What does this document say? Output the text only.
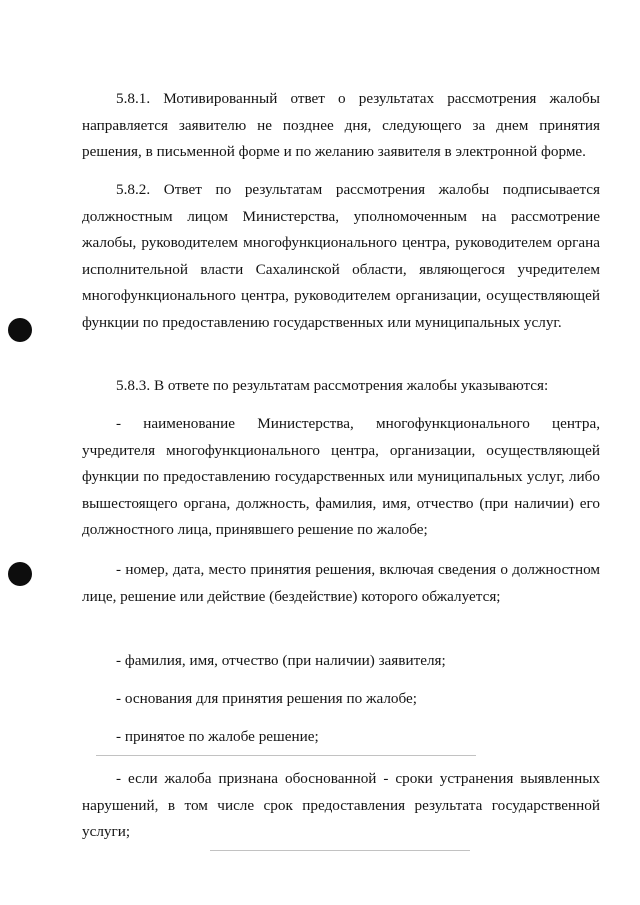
5.8.1. Мотивированный ответ о результатах рассмотрения жалобы направляется заявителю не позднее дня, следующего за днем принятия решения, в письменной форме и по желанию заявителя в электронной форме.

5.8.2. Ответ по результатам рассмотрения жалобы подписывается должностным лицом Министерства, уполномоченным на рассмотрение жалобы, руководителем многофункционального центра, руководителем органа исполнительной власти Сахалинской области, являющегося учредителем многофункционального центра, руководителем организации, осуществляющей функции по предоставлению государственных или муниципальных услуг.

5.8.3. В ответе по результатам рассмотрения жалобы указываются:

- наименование Министерства, многофункционального центра, учредителя многофункционального центра, организации, осуществляющей функции по предоставлению государственных или муниципальных услуг, либо вышестоящего органа, должность, фамилия, имя, отчество (при наличии) его должностного лица, принявшего решение по жалобе;

- номер, дата, место принятия решения, включая сведения о должностном лице, решение или действие (бездействие) которого обжалуется;

- фамилия, имя, отчество (при наличии) заявителя;

- основания для принятия решения по жалобе;

- принятое по жалобе решение;

- если жалоба признана обоснованной - сроки устранения выявленных нарушений, в том числе срок предоставления результата государственной услуги;
